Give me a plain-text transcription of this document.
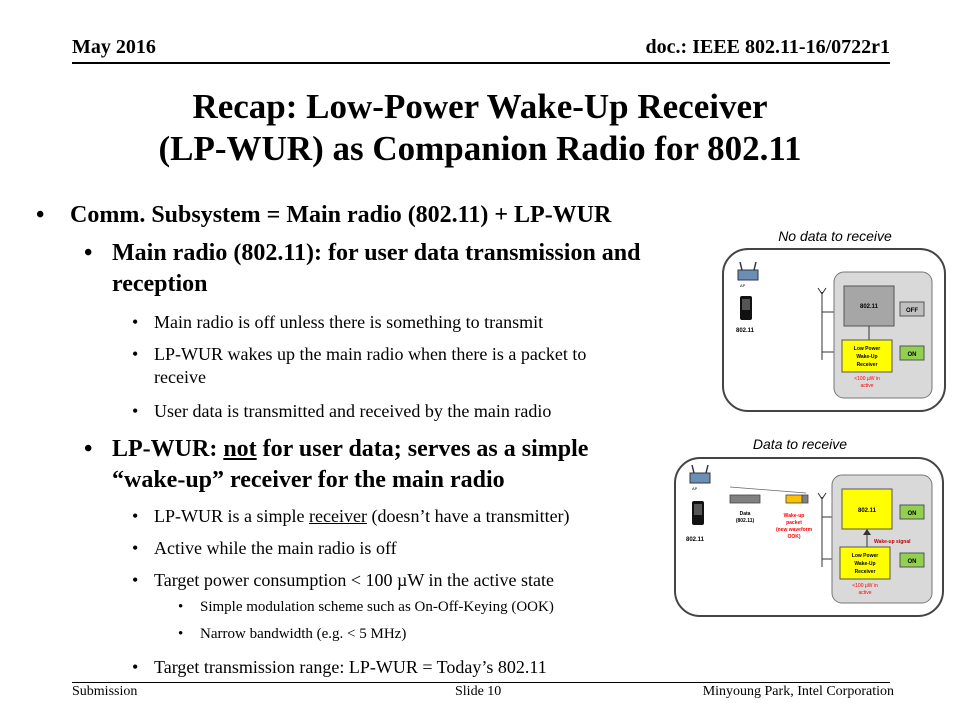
May 2016	doc.: IEEE 802.11-16/0722r1
Recap: Low-Power Wake-Up Receiver
(LP-WUR) as Companion Radio for 802.11
• Comm. Subsystem = Main radio (802.11) + LP-WUR
• Main radio (802.11): for user data transmission and
reception
• Main radio is off unless there is something to transmit
• LP-WUR wakes up the main radio when there is a packet to
receive
• User data is transmitted and received by the main radio
• LP-WUR: not for user data; serves as a simple
“wake-up” receiver for the main radio
• LP-WUR is a simple receiver (doesn’t have a transmitter)
• Active while the main radio is off
• Target power consumption < 100 µW in the active state
• Simple modulation scheme such as On-Off-Keying (OOK)
• Narrow bandwidth (e.g. < 5 MHz)
• Target transmission range: LP-WUR = Today’s 802.11
No data to receive
AP
802.11
802.11
OFF
Low Power
Wake-Up
Receiver
ON
<100 µW in
active
Data to receive
AP
802.11
Data
(802.11)
Wake-up
packet
(new waveform
OOK)
802.11	ON
Wake-up signal
Low Power
Wake-Up
Receiver
ON
<100 µW in
active
Submission	Slide 10	Minyoung Park, Intel Corporation
